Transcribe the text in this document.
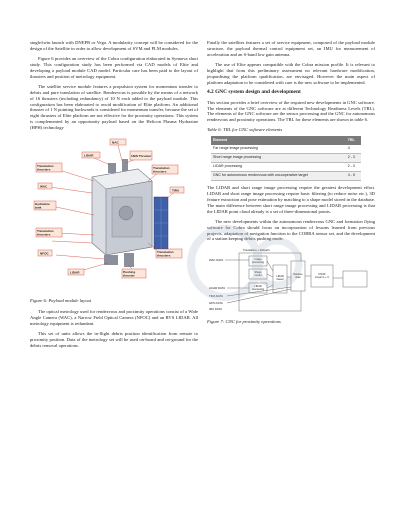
single/twin launch with DNEPR or Vega. A modularity concept will be considered for the design of the Satellite in order to allow development of SVM and PLM modules.

Figure 6 provides an overview of the Cobra configuration elaborated in Synnova short study. This configuration study has been performed via CAD models of Elite and developing a payload module CAD model. Particular care has been paid to the layout of thrusters and position of metrology equipment.

The satellite service module features a propulsion system for momentum transfer to debris and pure translation of satellite. Rendezvous is possible by the means of a network of 16 thrusters (including redundancy) of 10 N each added to the payload module. This configuration has been elaborated to avoid modification of Elite platform. An additional thruster of 1 N pointing backwards is considered for momentum transfer, because the set of eight thrusters of Elite platform are not effective for the proximity operations. This system is complemented by an opportunity payload based on the Helicon Plasma Hydrazine (HPH) technology

NAC
LIDAR	1N/S Thruster
Translation thrusters	Translation thrusters
WAC
TIRA
Hydrazine tank
Translation thrusters
Translation thrusters
NFOC
LIDAR	Pushing thruster

Figure 6: Payload module layout

The optical metrology used for rendezvous and proximity operations consist of a Wide Angle Camera (WAC), a Narrow Field Optical Camera (NFOC) and an RVS LIDAR. All metrology equipment is redundant.

This set of units allows the in-flight debris position identification from remote to proximity position. Data of the metrology set will be used on-board and on-ground for the debris removal operations.

Finally the satellites features a set of service equipment, composed of the payload module structure, the payload thermal control equipment set, an IMU for measurement of acceleration and an S-band low gain antenna.

The use of Elite appears compatible with the Cobra mission profile. It is relevant to highlight that from this preliminary assessment no relevant hardware modification, jeopardising the platform qualification, are envisaged. However the main aspect of platform adaptation to be considered with care is the new software to be implemented.

4.2 GNC system design and development

This section provides a brief overview of the required new developments in GNC software. The elements of the GNC software are at different Technology Readiness Levels (TRL). The elements of the GNC software are the sensor processing and the GNC for autonomous rendezvous and proximity operations. The TRL for these elements are shown in table 6.

Table 6: TRL for GNC software elements

Element	TRL
Far range image processing	4
Short range image processing	2 - 3
LIDAR processing	2 - 3
GNC for autonomous rendezvous with uncooperative target	4 - 5

The LIDAR and short range image processing require the greatest development effort. LIDAR and short range image processing require basic filtering (to reduce noise etc.), 3D feature extraction and pose estimation by matching to a shape model stored in the database. The main difference between short range image processing and LIDAR processing is that the LIDAR point cloud already is a set of three-dimensional points.

The new developments within the autonomous rendezvous GNC and formation flying software for Cobra should focus on incorporation of lessons learned from previous projects, adaptation of navigation function to the COBRA sensor set, and the development of a station keeping debris pushing mode.

Translation + Relpath
WAC DATA
LIDAR DATA
TIRA DATA
GPS DATA
IMU DATA
Image processing
Shape model
LIDAR processing
LIDAR based
Relative state
6 DOF Linear G + C

Figure 7: GNC for proximity operations
